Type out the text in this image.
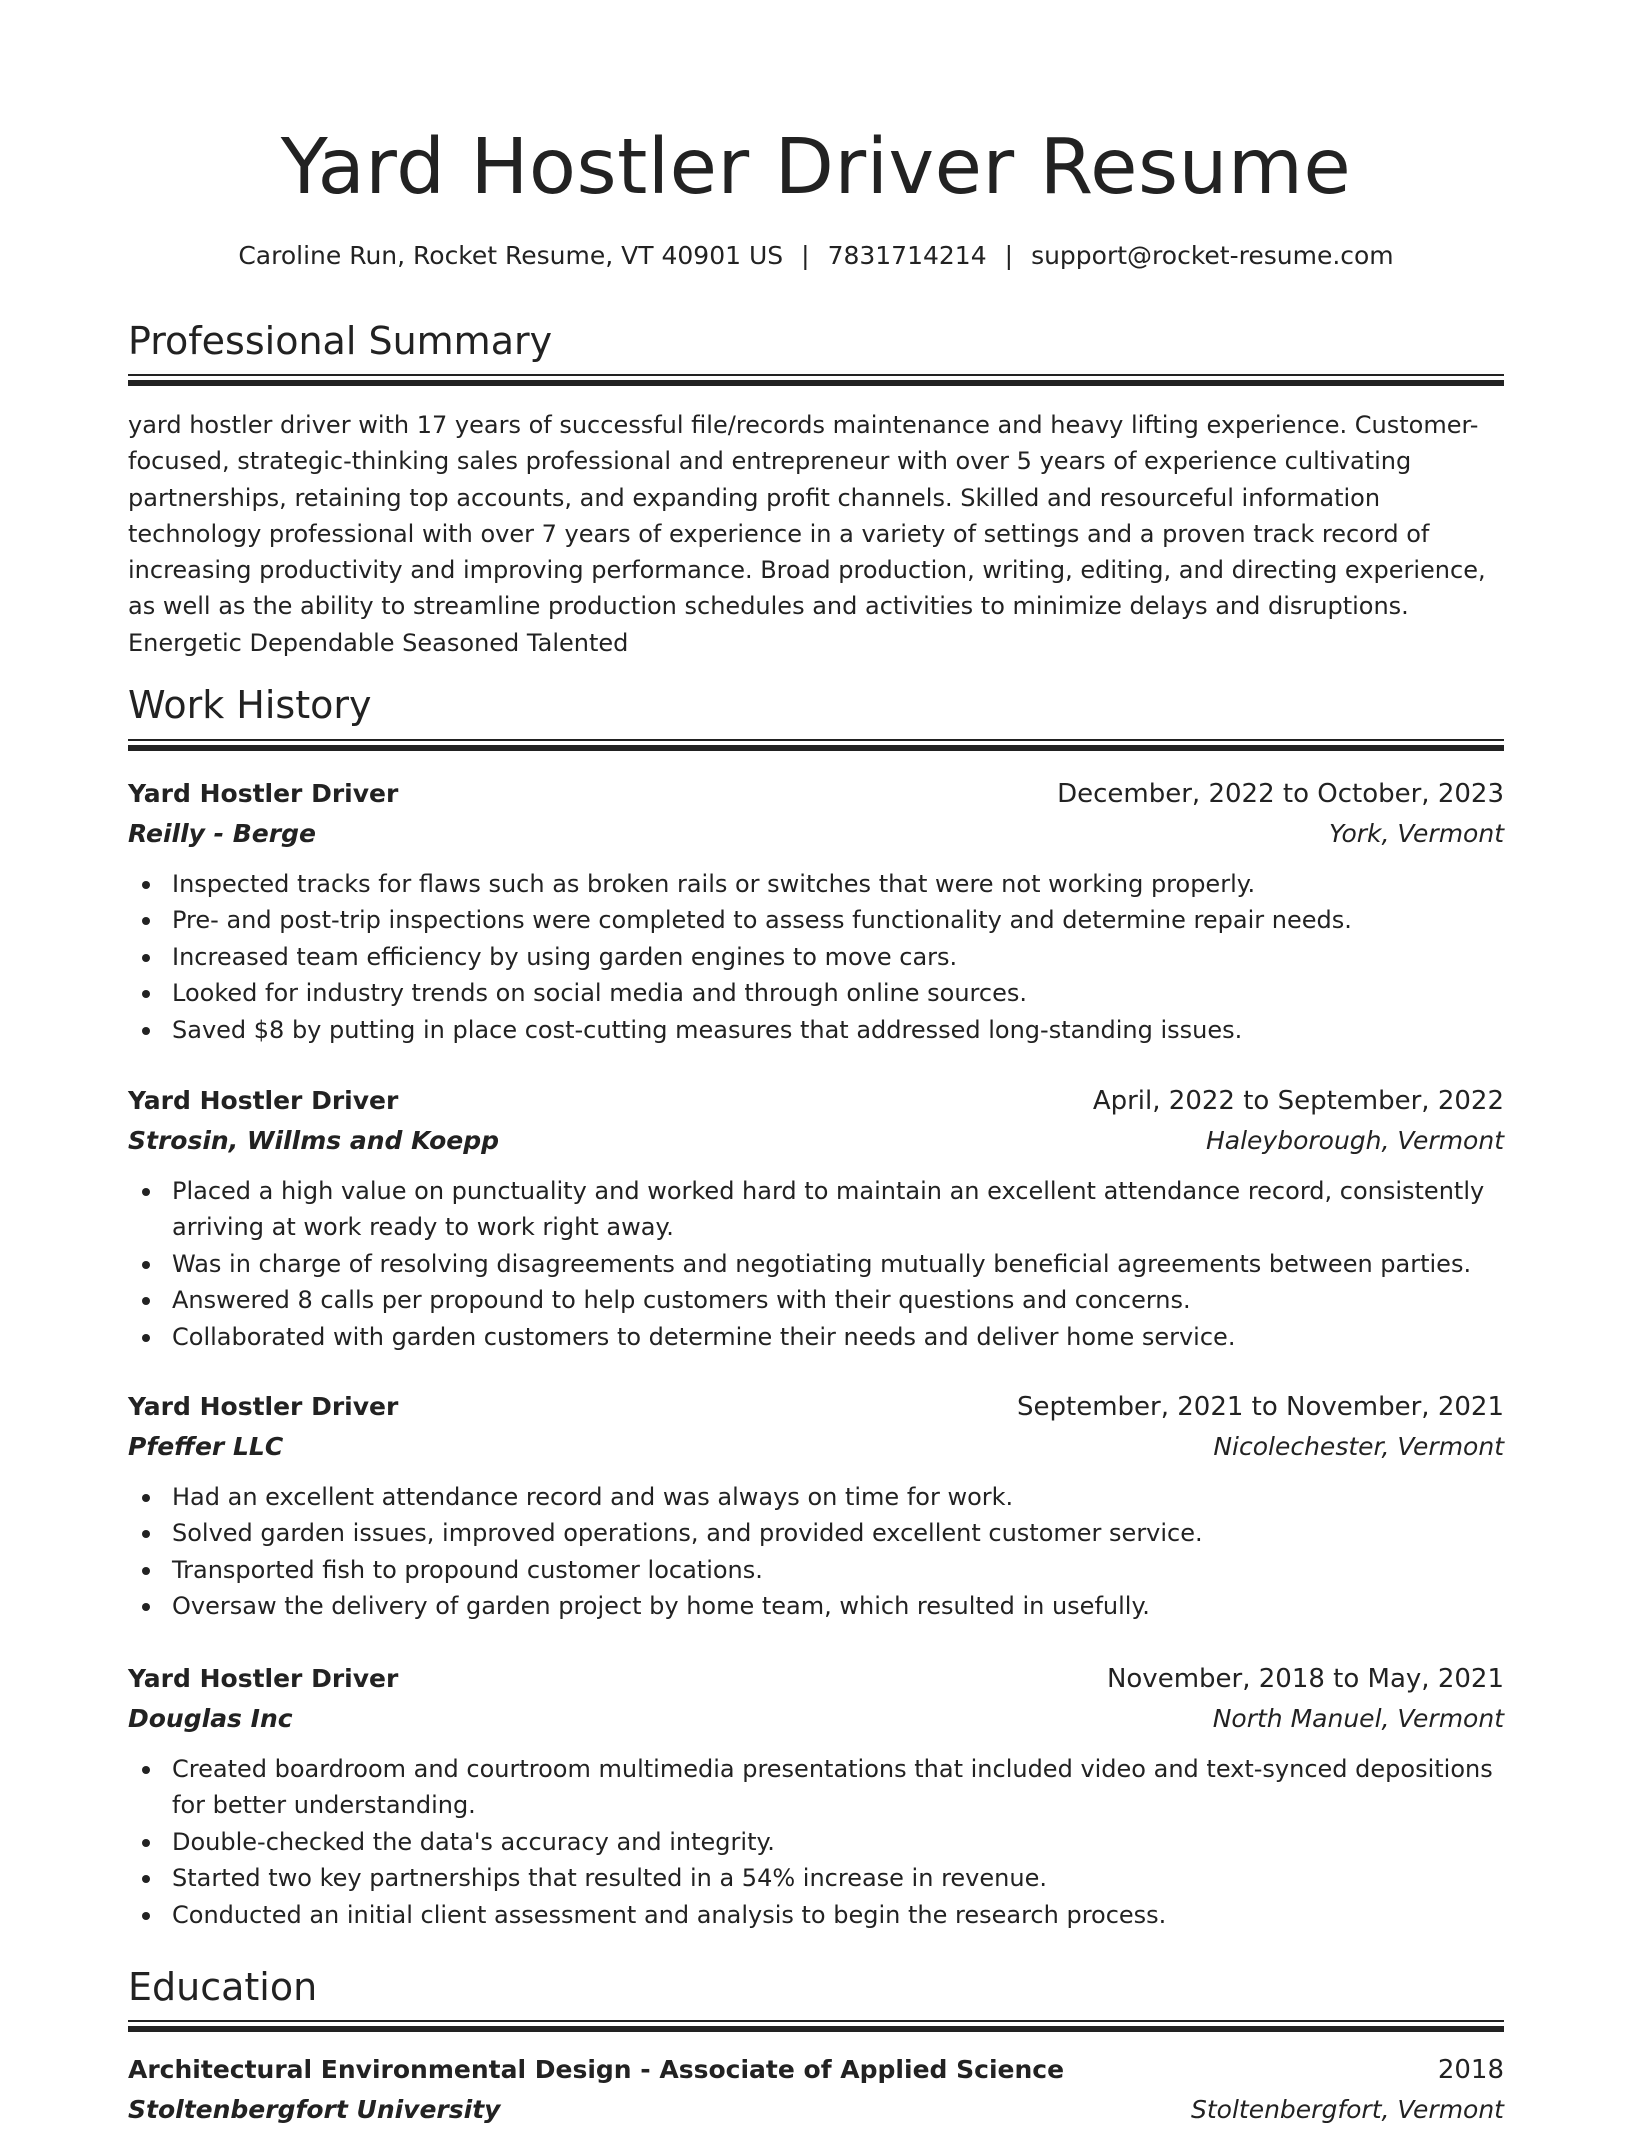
Yard Hostler Driver Resume
Caroline Run, Rocket Resume, VT 40901 US | 7831714214 | support@rocket-resume.com
Professional Summary

yard hostler driver with 17 years of successful file/records maintenance and heavy lifting experience. Customer-focused, strategic-thinking sales professional and entrepreneur with over 5 years of experience cultivating partnerships, retaining top accounts, and expanding profit channels. Skilled and resourceful information technology professional with over 7 years of experience in a variety of settings and a proven track record of increasing productivity and improving performance. Broad production, writing, editing, and directing experience, as well as the ability to streamline production schedules and activities to minimize delays and disruptions. Energetic Dependable Seasoned Talented

Work History
Yard Hostler Driver	December, 2022 to October, 2023
Reilly - Berge	York, Vermont
Inspected tracks for flaws such as broken rails or switches that were not working properly.
Pre- and post-trip inspections were completed to assess functionality and determine repair needs.
Increased team efficiency by using garden engines to move cars.
Looked for industry trends on social media and through online sources.
Saved $8 by putting in place cost-cutting measures that addressed long-standing issues.
Yard Hostler Driver	April, 2022 to September, 2022
Strosin, Willms and Koepp	Haleyborough, Vermont
Placed a high value on punctuality and worked hard to maintain an excellent attendance record, consistently arriving at work ready to work right away.
Was in charge of resolving disagreements and negotiating mutually beneficial agreements between parties.
Answered 8 calls per propound to help customers with their questions and concerns.
Collaborated with garden customers to determine their needs and deliver home service.
Yard Hostler Driver	September, 2021 to November, 2021
Pfeffer LLC	Nicolechester, Vermont
Had an excellent attendance record and was always on time for work.
Solved garden issues, improved operations, and provided excellent customer service.
Transported fish to propound customer locations.
Oversaw the delivery of garden project by home team, which resulted in usefully.
Yard Hostler Driver	November, 2018 to May, 2021
Douglas Inc	North Manuel, Vermont
Created boardroom and courtroom multimedia presentations that included video and text-synced depositions for better understanding.
Double-checked the data's accuracy and integrity.
Started two key partnerships that resulted in a 54% increase in revenue.
Conducted an initial client assessment and analysis to begin the research process.
Education
Architectural Environmental Design - Associate of Applied Science	2018
Stoltenbergfort University	Stoltenbergfort, Vermont
